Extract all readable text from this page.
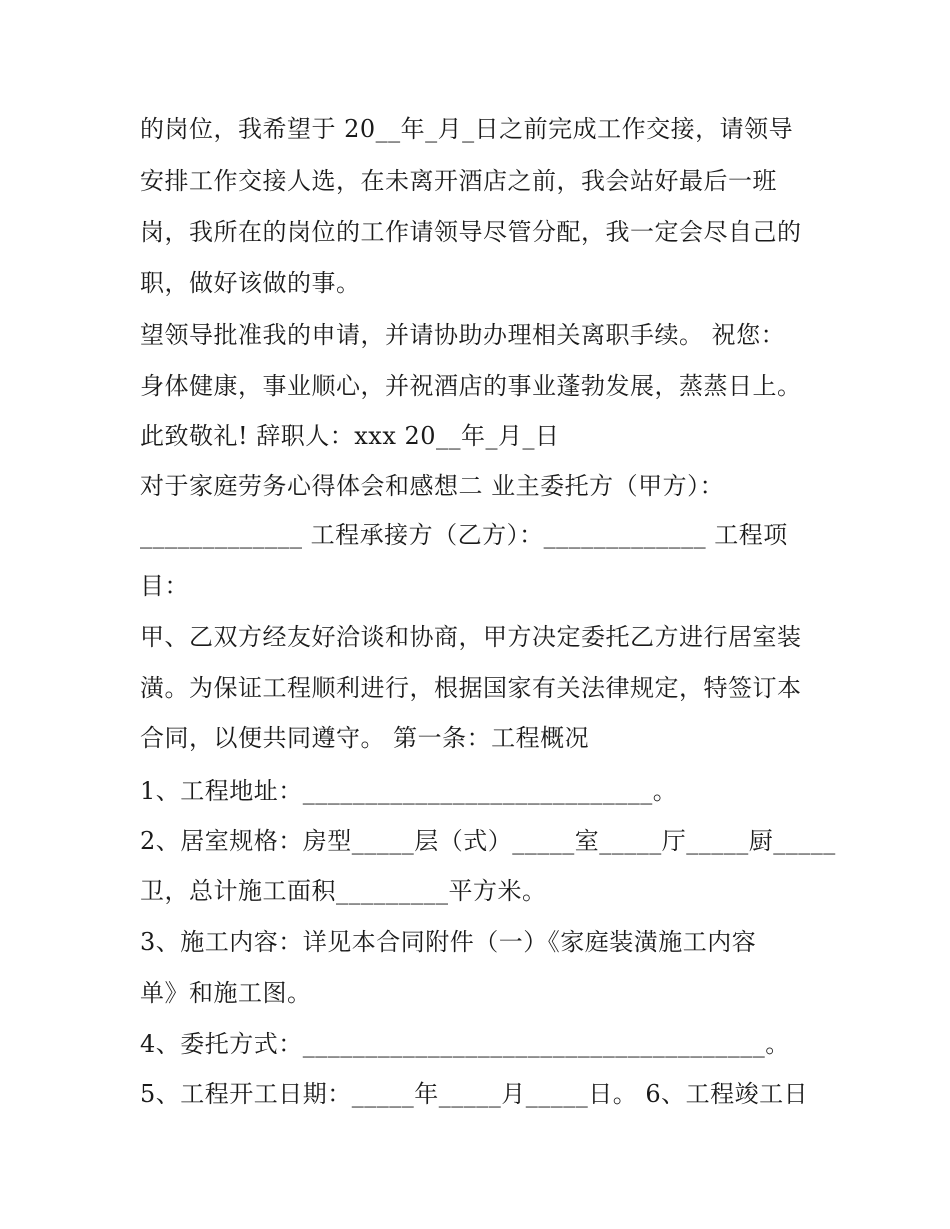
的岗位，我希望于 20__年_月_日之前完成工作交接，请领导
安排工作交接人选，在未离开酒店之前，我会站好最后一班
岗，我所在的岗位的工作请领导尽管分配，我一定会尽自己的
职，做好该做的事。
望领导批准我的申请，并请协助办理相关离职手续。 祝您：
身体健康，事业顺心，并祝酒店的事业蓬勃发展，蒸蒸日上。
此致敬礼! 辞职人：xxx 20__年_月_日
对于家庭劳务心得体会和感想二 业主委托方（甲方）：
_____________ 工程承接方（乙方）：_____________ 工程项
目：
甲、乙双方经友好洽谈和协商，甲方决定委托乙方进行居室装
潢。为保证工程顺利进行，根据国家有关法律规定，特签订本
合同，以便共同遵守。 第一条：工程概况
1、工程地址：____________________________。
2、居室规格：房型_____层（式）_____室_____厅_____厨_____
卫，总计施工面积_________平方米。
3、施工内容：详见本合同附件（一）《家庭装潢施工内容
单》和施工图。
4、委托方式：_____________________________________。
5、工程开工日期：_____年_____月_____日。 6、工程竣工日
